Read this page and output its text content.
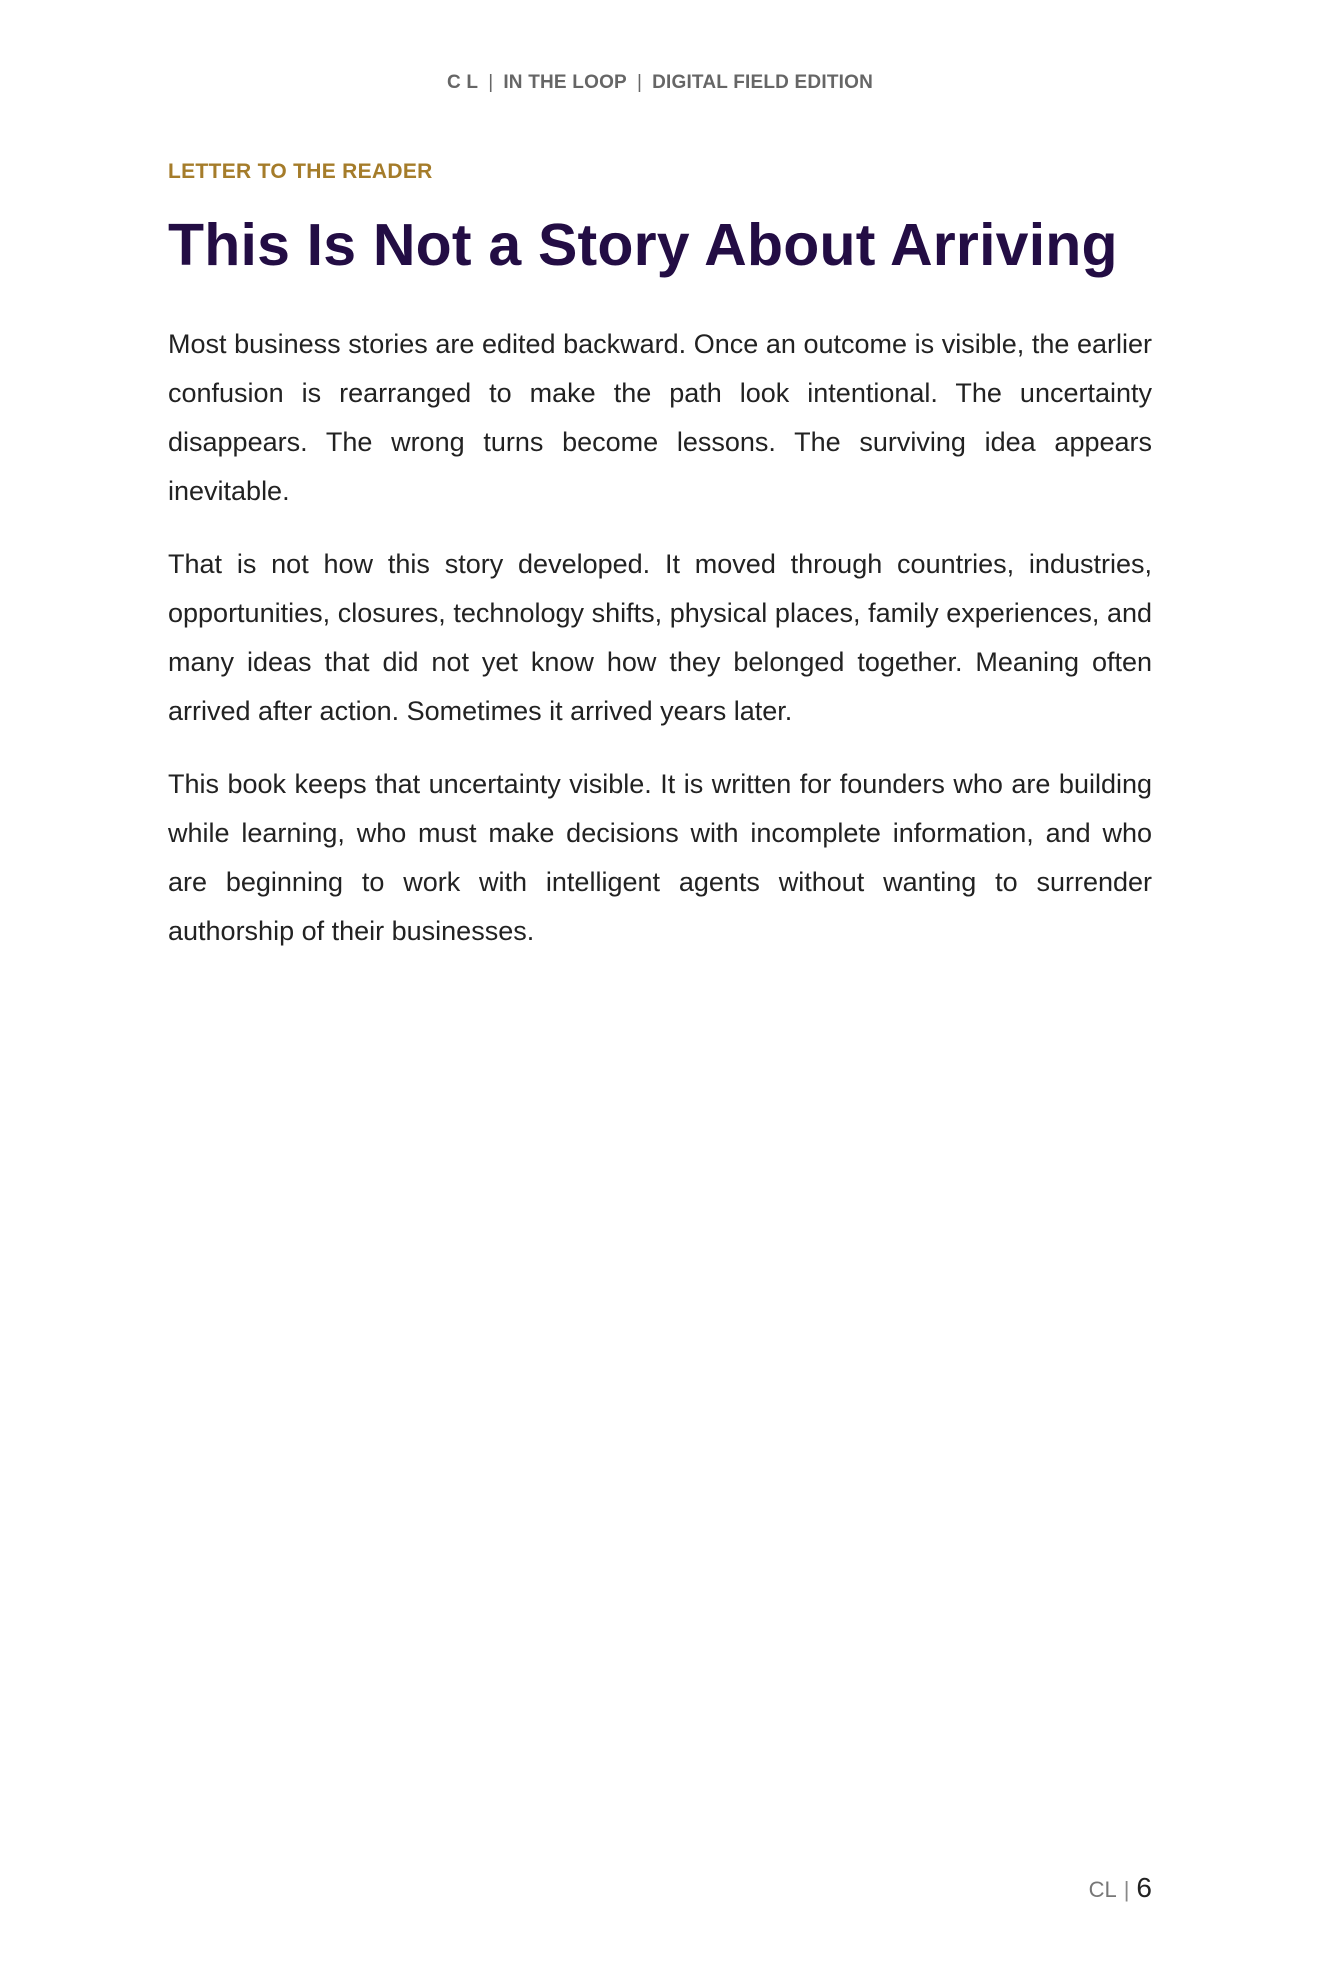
C L | IN THE LOOP | DIGITAL FIELD EDITION

LETTER TO THE READER

This Is Not a Story About Arriving

Most business stories are edited backward. Once an outcome is visible, the earlier confusion is rearranged to make the path look intentional. The uncertainty disappears. The wrong turns become lessons. The surviving idea appears inevitable.

That is not how this story developed. It moved through countries, industries, opportunities, closures, technology shifts, physical places, family experiences, and many ideas that did not yet know how they belonged together. Meaning often arrived after action. Sometimes it arrived years later.

This book keeps that uncertainty visible. It is written for founders who are building while learning, who must make decisions with incomplete information, and who are beginning to work with intelligent agents without wanting to surrender authorship of their businesses.

CL | 6
